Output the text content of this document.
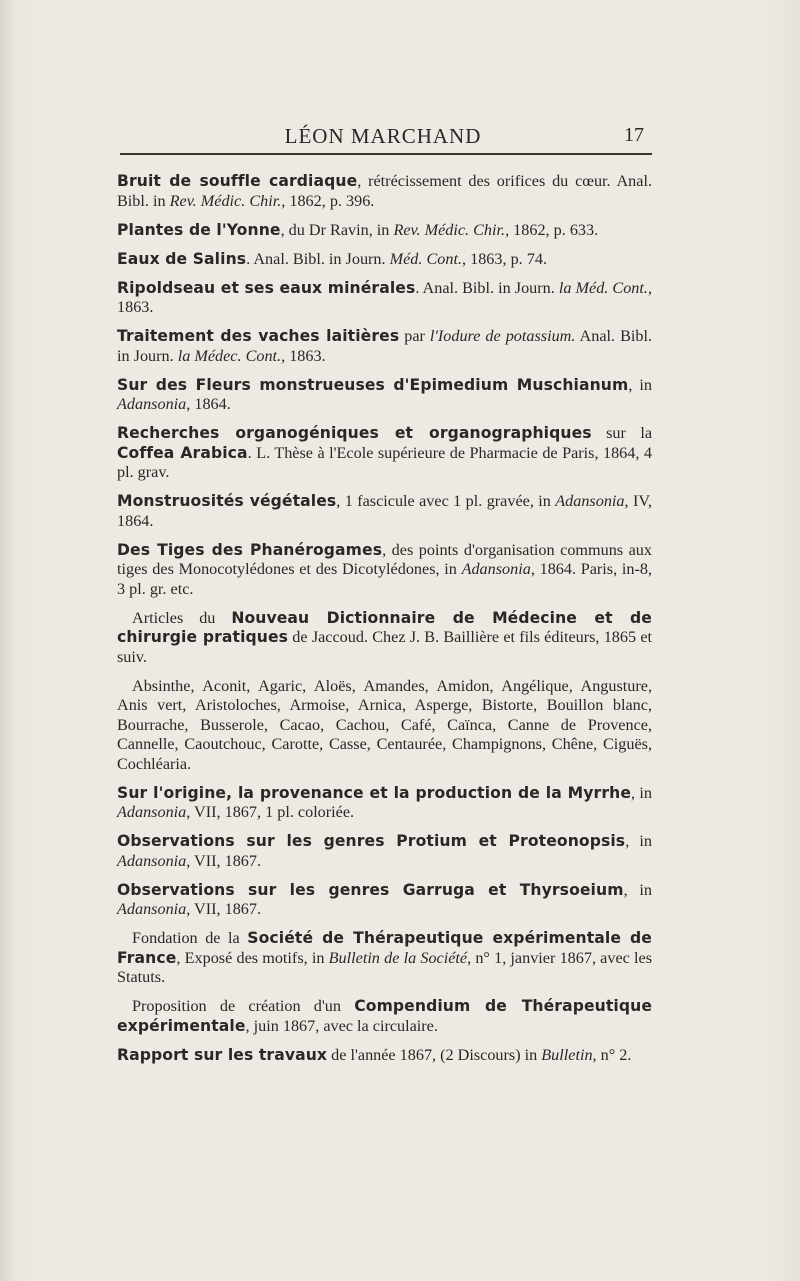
LÉON MARCHAND	17

Bruit de souffle cardiaque, rétrécissement des orifices du cœur. Anal. Bibl. in Rev. Médic. Chir., 1862, p. 396.

Plantes de l'Yonne, du Dr Ravin, in Rev. Médic. Chir., 1862, p. 633.

Eaux de Salins. Anal. Bibl. in Journ. Méd. Cont., 1863, p. 74.

Ripoldseau et ses eaux minérales. Anal. Bibl. in Journ. la Méd. Cont., 1863.

Traitement des vaches laitières par l'Iodure de potassium. Anal. Bibl. in Journ. la Médec. Cont., 1863.

Sur des Fleurs monstrueuses d'Epimedium Muschianum, in Adansonia, 1864.

Recherches organogéniques et organographiques sur la Coffea Arabica. L. Thèse à l'Ecole supérieure de Pharmacie de Paris, 1864, 4 pl. grav.

Monstruosités végétales, 1 fascicule avec 1 pl. gravée, in Adansonia, IV, 1864.

Des Tiges des Phanérogames, des points d'organisation communs aux tiges des Monocotylédones et des Dicotylédones, in Adansonia, 1864. Paris, in-8, 3 pl. gr. etc.

Articles du Nouveau Dictionnaire de Médecine et de chirurgie pratiques de Jaccoud. Chez J. B. Baillière et fils éditeurs, 1865 et suiv.

Absinthe, Aconit, Agaric, Aloës, Amandes, Amidon, Angélique, Angusture, Anis vert, Aristoloches, Armoise, Arnica, Asperge, Bistorte, Bouillon blanc, Bourrache, Busserole, Cacao, Cachou, Café, Caïnca, Canne de Provence, Cannelle, Caoutchouc, Carotte, Casse, Centaurée, Champignons, Chêne, Ciguës, Cochléaria.

Sur l'origine, la provenance et la production de la Myrrhe, in Adansonia, VII, 1867, 1 pl. coloriée.

Observations sur les genres Protium et Proteonopsis, in Adansonia, VII, 1867.

Observations sur les genres Garruga et Thyrsoeium, in Adansonia, VII, 1867.

Fondation de la Société de Thérapeutique expérimentale de France, Exposé des motifs, in Bulletin de la Société, n° 1, janvier 1867, avec les Statuts.

Proposition de création d'un Compendium de Thérapeutique expérimentale, juin 1867, avec la circulaire.

Rapport sur les travaux de l'année 1867, (2 Discours) in Bulletin, n° 2.
